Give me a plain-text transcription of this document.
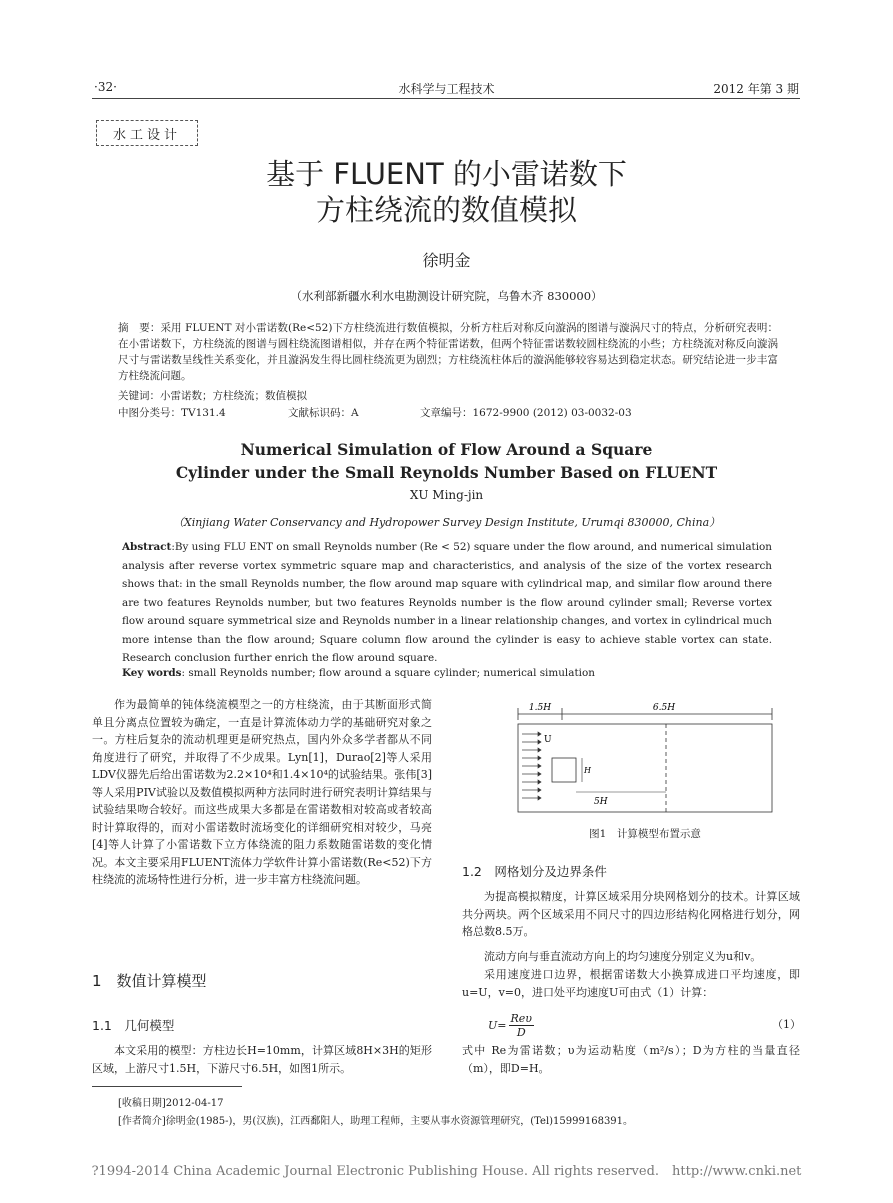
·32·	水科学与工程技术	2012 年第 3 期
水工设计
基于 FLUENT 的小雷诺数下
方柱绕流的数值模拟
徐明金
（水利部新疆水利水电勘测设计研究院，乌鲁木齐 830000）
摘　要：采用 FLUENT 对小雷诺数(Re<52)下方柱绕流进行数值模拟，分析方柱后对称反向漩涡的图谱与漩涡尺寸的特点，分析研究表明：在小雷诺数下，方柱绕流的图谱与圆柱绕流图谱相似，并存在两个特征雷诺数，但两个特征雷诺数较圆柱绕流的小些；方柱绕流对称反向漩涡尺寸与雷诺数呈线性关系变化，并且漩涡发生得比圆柱绕流更为剧烈；方柱绕流柱体后的漩涡能够较容易达到稳定状态。研究结论进一步丰富方柱绕流问题。
关键词：小雷诺数；方柱绕流；数值模拟
中图分类号：TV131.4	文献标识码：A	文章编号：1672-9900 (2012) 03-0032-03
Numerical Simulation of Flow Around a Square
Cylinder under the Small Reynolds Number Based on FLUENT
XU Ming-jin
（Xinjiang Water Conservancy and Hydropower Survey Design Institute, Urumqi 830000, China）
Abstract:By using FLU ENT on small Reynolds number (Re < 52) square under the flow around, and numerical simulation analysis after reverse vortex symmetric square map and characteristics, and analysis of the size of the vortex research shows that: in the small Reynolds number, the flow around map square with cylindrical map, and similar flow around there are two features Reynolds number, but two features Reynolds number is the flow around cylinder small; Reverse vortex flow around square symmetrical size and Reynolds number in a linear relationship changes, and vortex in cylindrical much more intense than the flow around; Square column flow around the cylinder is easy to achieve stable vortex can state. Research conclusion further enrich the flow around square.
Key words: small Reynolds number; flow around a square cylinder; numerical simulation
作为最简单的钝体绕流模型之一的方柱绕流，由于其断面形式简单且分离点位置较为确定，一直是计算流体动力学的基础研究对象之一。方柱后复杂的流动机理更是研究热点，国内外众多学者都从不同角度进行了研究，并取得了不少成果。Lyn[1]，Durao[2]等人采用LDV仪器先后给出雷诺数为2.2×10⁴和1.4×10⁴的试验结果。张伟[3]等人采用PIV试验以及数值模拟两种方法同时进行研究表明计算结果与试验结果吻合较好。而这些成果大多都是在雷诺数相对较高或者较高时计算取得的，而对小雷诺数时流场变化的详细研究相对较少，马亮[4]等人计算了小雷诺数下立方体绕流的阻力系数随雷诺数的变化情况。本文主要采用FLUENT流体力学软件计算小雷诺数(Re<52)下方柱绕流的流场特性进行分析，进一步丰富方柱绕流问题。
1　数值计算模型
1.1　几何模型
本文采用的模型：方柱边长H=10mm，计算区域8H×3H的矩形区域，上游尺寸1.5H，下游尺寸6.5H，如图1所示。
1.5H	6.5H
U
H
5H
图1　计算模型布置示意
1.2　网格划分及边界条件
为提高模拟精度，计算区域采用分块网格划分的技术。计算区域共分两块。两个区域采用不同尺寸的四边形结构化网格进行划分，网格总数8.5万。
流动方向与垂直流动方向上的均匀速度分别定义为u和v。
采用速度进口边界，根据雷诺数大小换算成进口平均速度，即u=U，v=0，进口处平均速度U可由式（1）计算：
U=
Reυ
D
（1）
式中 Re为雷诺数；υ为运动粘度（m²/s）；D为方柱的当量直径（m），即D=H。
[收稿日期]2012-04-17
[作者简介]徐明金(1985-)，男(汉族)，江西鄱阳人，助理工程师，主要从事水资源管理研究，(Tel)15999168391。
?1994-2014 China Academic Journal Electronic Publishing House. All rights reserved.　http://www.cnki.net
